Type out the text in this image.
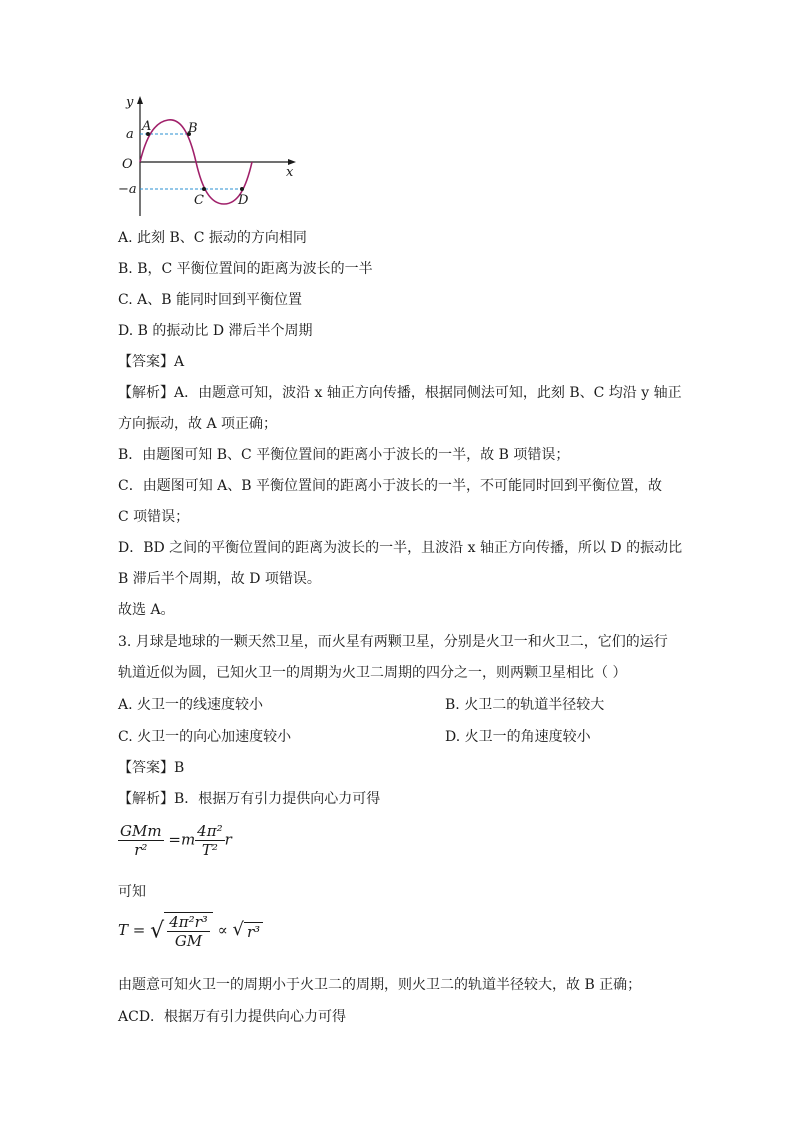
y
x
O
a
−a
A	B
C	D
A. 此刻 B、C 振动的方向相同
B. B，C 平衡位置间的距离为波长的一半
C. A、B 能同时回到平衡位置
D. B 的振动比 D 滞后半个周期
【答案】A
【解析】A．由题意可知，波沿 x 轴正方向传播，根据同侧法可知，此刻 B、C 均沿 y 轴正
方向振动，故 A 项正确；
B．由题图可知 B、C 平衡位置间的距离小于波长的一半，故 B 项错误；
C．由题图可知 A、B 平衡位置间的距离小于波长的一半，不可能同时回到平衡位置，故
C 项错误；
D．BD 之间的平衡位置间的距离为波长的一半，且波沿 x 轴正方向传播，所以 D 的振动比
B 滞后半个周期，故 D 项错误。
故选 A。
3. 月球是地球的一颗天然卫星，而火星有两颗卫星，分别是火卫一和火卫二，它们的运行
轨道近似为圆，已知火卫一的周期为火卫二周期的四分之一，则两颗卫星相比（ ）
A. 火卫一的线速度较小	B. 火卫二的轨道半径较大
C. 火卫一的向心加速度较小	D. 火卫一的角速度较小
【答案】B
【解析】B．根据万有引力提供向心力可得
$\frac{\text{GMm}}{\text{r²}} =m \frac{\text{4π²}}{\text{T²}}$ r
可知
T = √ $\frac{\text{4π²r³}}{GM}$ ∝ √ r³
由题意可知火卫一的周期小于火卫二的周期，则火卫二的轨道半径较大，故 B 正确；
ACD．根据万有引力提供向心力可得
